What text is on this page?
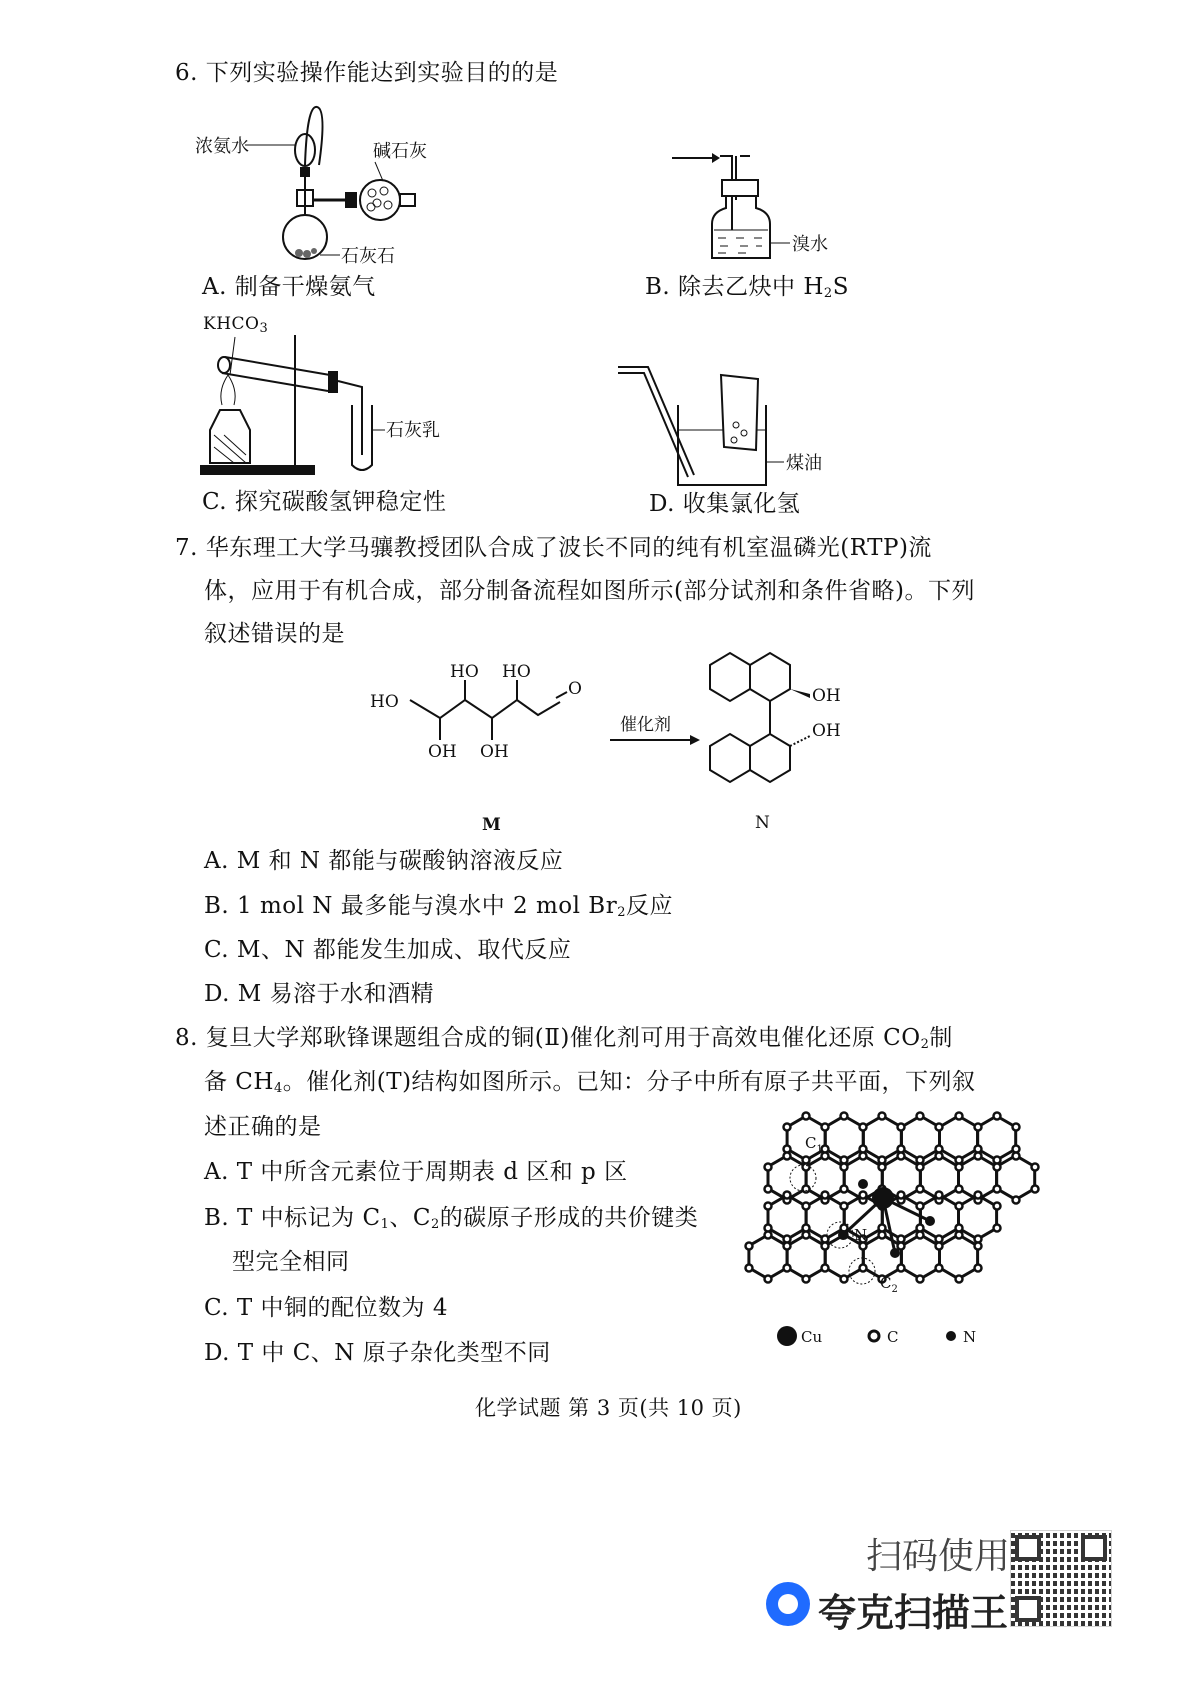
6. 下列实验操作能达到实验目的的是
浓氨水	碱石灰
石灰石
A. 制备干燥氨气
溴水
B. 除去乙炔中 $H_2S$
$KHCO_3$
石灰乳
C. 探究碳酸氢钾稳定性
煤油
D. 收集氯化氢
7. 华东理工大学马骧教授团队合成了波长不同的纯有机室温磷光(RTP)流
体，应用于有机合成，部分制备流程如图所示(部分试剂和条件省略)。下列
叙述错误的是
HO
HO HO
O
OH OH
M
催化剂
OH
OH
N
A. M 和 N 都能与碳酸钠溶液反应
B. 1 mol N 最多能与溴水中 2 mol $Br_2$反应
C. M、N 都能发生加成、取代反应
D. M 易溶于水和酒精
8. 复旦大学郑耿锋课题组合成的铜(Ⅱ)催化剂可用于高效电催化还原 $CO_2$制
备 $CH_4$。催化剂(T)结构如图所示。已知：分子中所有原子共平面，下列叙
述正确的是
A. T 中所含元素位于周期表 d 区和 p 区
B. T 中标记为 $C_1$、$C_2$的碳原子形成的共价键类
型完全相同
C. T 中铜的配位数为 4
D. T 中 C、N 原子杂化类型不同
$C_1$
N
$C_2$
Cu	C	N
化学试题 第 3 页(共 10 页)
扫码使用
夸克扫描王
